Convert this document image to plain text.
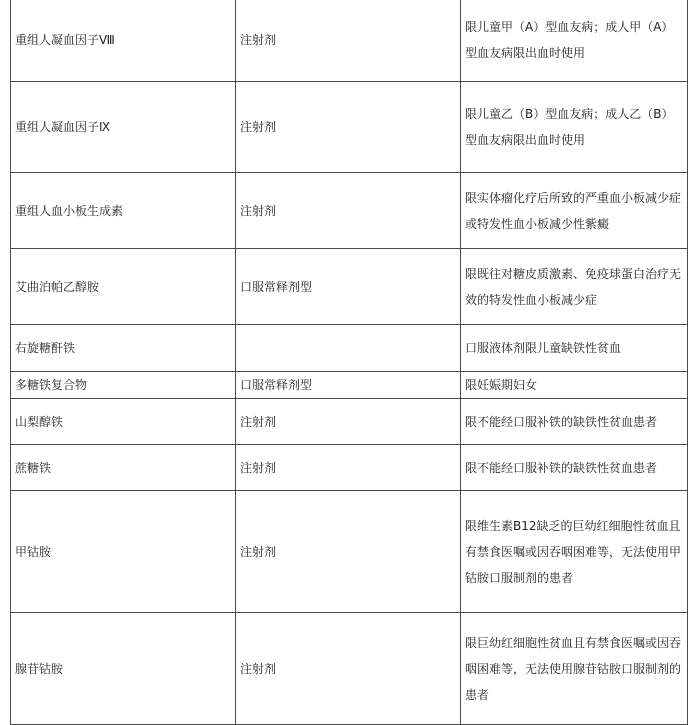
重组人凝血因子Ⅷ	注射剂	限儿童甲（A）型血友病；成人甲（A）型血友病限出血时使用
重组人凝血因子Ⅸ	注射剂	限儿童乙（B）型血友病；成人乙（B）型血友病限出血时使用
重组人血小板生成素	注射剂	限实体瘤化疗后所致的严重血小板减少症或特发性血小板减少性紫癜
艾曲泊帕乙醇胺	口服常释剂型	限既往对糖皮质激素、免疫球蛋白治疗无效的特发性血小板减少症
右旋糖酐铁		口服液体剂限儿童缺铁性贫血
多糖铁复合物	口服常释剂型	限妊娠期妇女
山梨醇铁	注射剂	限不能经口服补铁的缺铁性贫血患者
蔗糖铁	注射剂	限不能经口服补铁的缺铁性贫血患者
甲钴胺	注射剂	限维生素B12缺乏的巨幼红细胞性贫血且有禁食医嘱或因吞咽困难等，无法使用甲钴胺口服制剂的患者
腺苷钴胺	注射剂	限巨幼红细胞性贫血且有禁食医嘱或因吞咽困难等，无法使用腺苷钴胺口服制剂的患者
